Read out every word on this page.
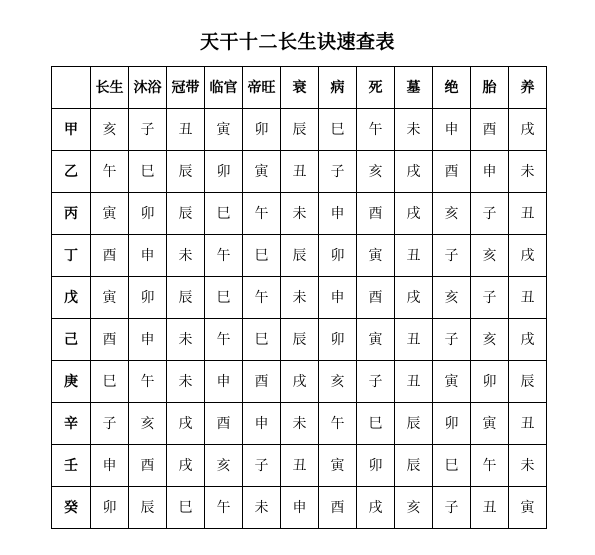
天干十二长生诀速查表
	长生	沐浴	冠带	临官	帝旺	衰	病	死	墓	绝	胎	养
甲	亥	子	丑	寅	卯	辰	巳	午	未	申	酉	戌
乙	午	巳	辰	卯	寅	丑	子	亥	戌	酉	申	未
丙	寅	卯	辰	巳	午	未	申	酉	戌	亥	子	丑
丁	酉	申	未	午	巳	辰	卯	寅	丑	子	亥	戌
戊	寅	卯	辰	巳	午	未	申	酉	戌	亥	子	丑
己	酉	申	未	午	巳	辰	卯	寅	丑	子	亥	戌
庚	巳	午	未	申	酉	戌	亥	子	丑	寅	卯	辰
辛	子	亥	戌	酉	申	未	午	巳	辰	卯	寅	丑
壬	申	酉	戌	亥	子	丑	寅	卯	辰	巳	午	未
癸	卯	辰	巳	午	未	申	酉	戌	亥	子	丑	寅
